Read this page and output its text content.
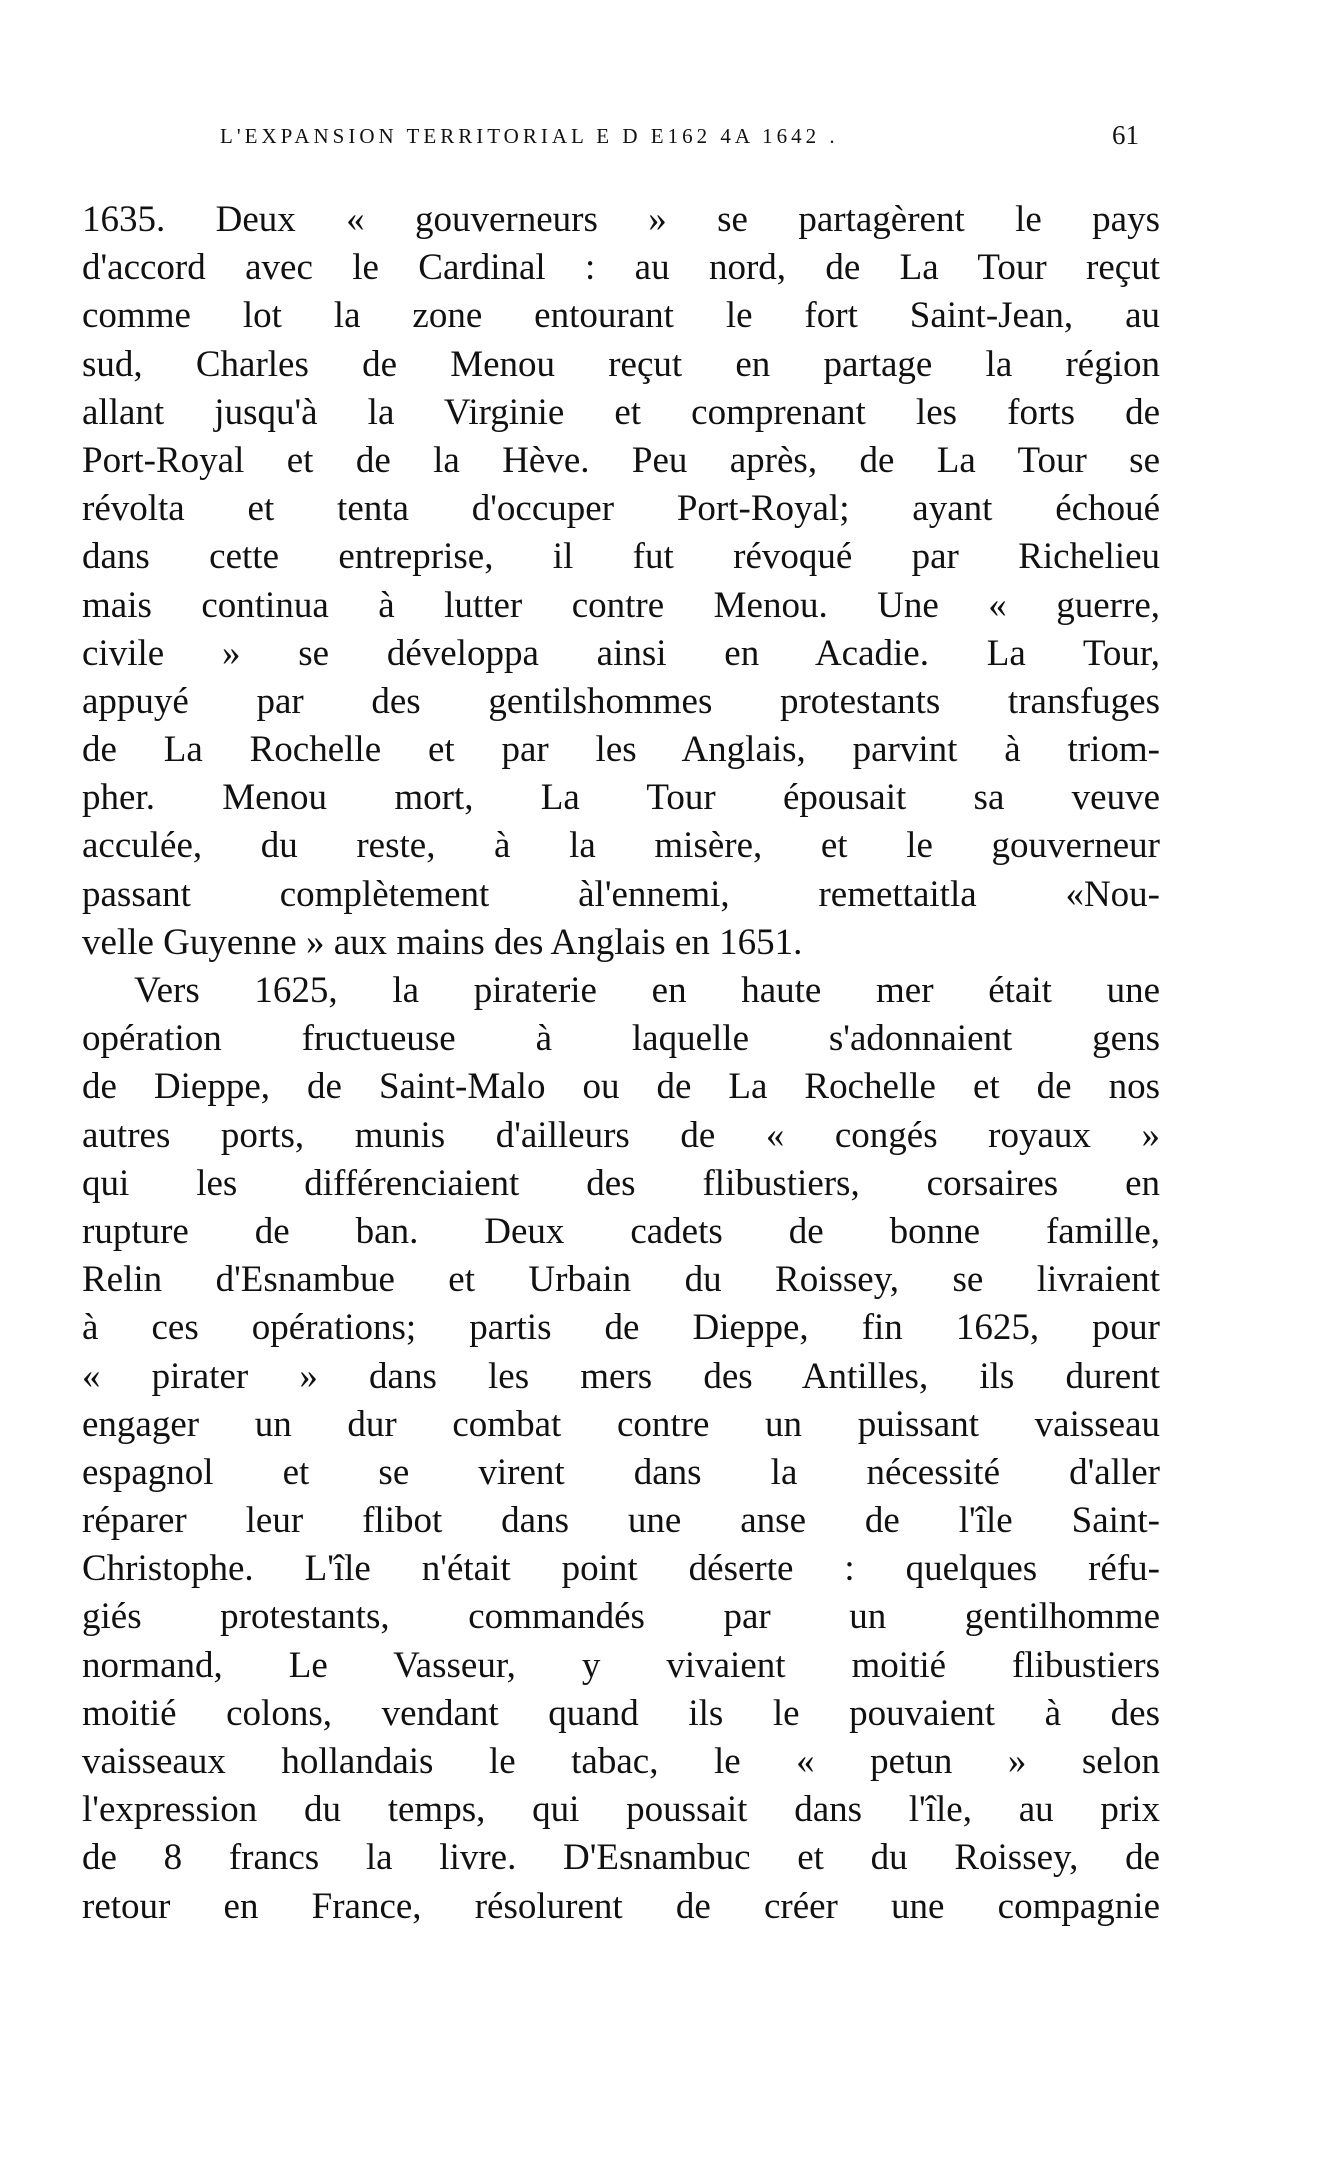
L'EXPANSION TERRITORIAL E D E162 4A 1642 .	61
1635. Deux « gouverneurs » se partagèrent le pays
d'accord avec le Cardinal : au nord, de La Tour reçut
comme lot la zone entourant le fort Saint-Jean, au
sud, Charles de Menou reçut en partage la région
allant jusqu'à la Virginie et comprenant les forts de
Port-Royal et de la Hève. Peu après, de La Tour se
révolta et tenta d'occuper Port-Royal; ayant échoué
dans cette entreprise, il fut révoqué par Richelieu
mais continua à lutter contre Menou. Une « guerre,
civile » se développa ainsi en Acadie. La Tour,
appuyé par des gentilshommes protestants transfuges
de La Rochelle et par les Anglais, parvint à triom-
pher. Menou mort, La Tour épousait sa veuve
acculée, du reste, à la misère, et le gouverneur
passant complètement àl'ennemi, remettaitla «Nou-
velle Guyenne » aux mains des Anglais en 1651.
Vers 1625, la piraterie en haute mer était une
opération fructueuse à laquelle s'adonnaient gens
de Dieppe, de Saint-Malo ou de La Rochelle et de nos
autres ports, munis d'ailleurs de « congés royaux »
qui les différenciaient des flibustiers, corsaires en
rupture de ban. Deux cadets de bonne famille,
Relin d'Esnambue et Urbain du Roissey, se livraient
à ces opérations; partis de Dieppe, fin 1625, pour
« pirater » dans les mers des Antilles, ils durent
engager un dur combat contre un puissant vaisseau
espagnol et se virent dans la nécessité d'aller
réparer leur flibot dans une anse de l'île Saint-
Christophe. L'île n'était point déserte : quelques réfu-
giés protestants, commandés par un gentilhomme
normand, Le Vasseur, y vivaient moitié flibustiers
moitié colons, vendant quand ils le pouvaient à des
vaisseaux hollandais le tabac, le « petun » selon
l'expression du temps, qui poussait dans l'île, au prix
de 8 francs la livre. D'Esnambuc et du Roissey, de
retour en France, résolurent de créer une compagnie
